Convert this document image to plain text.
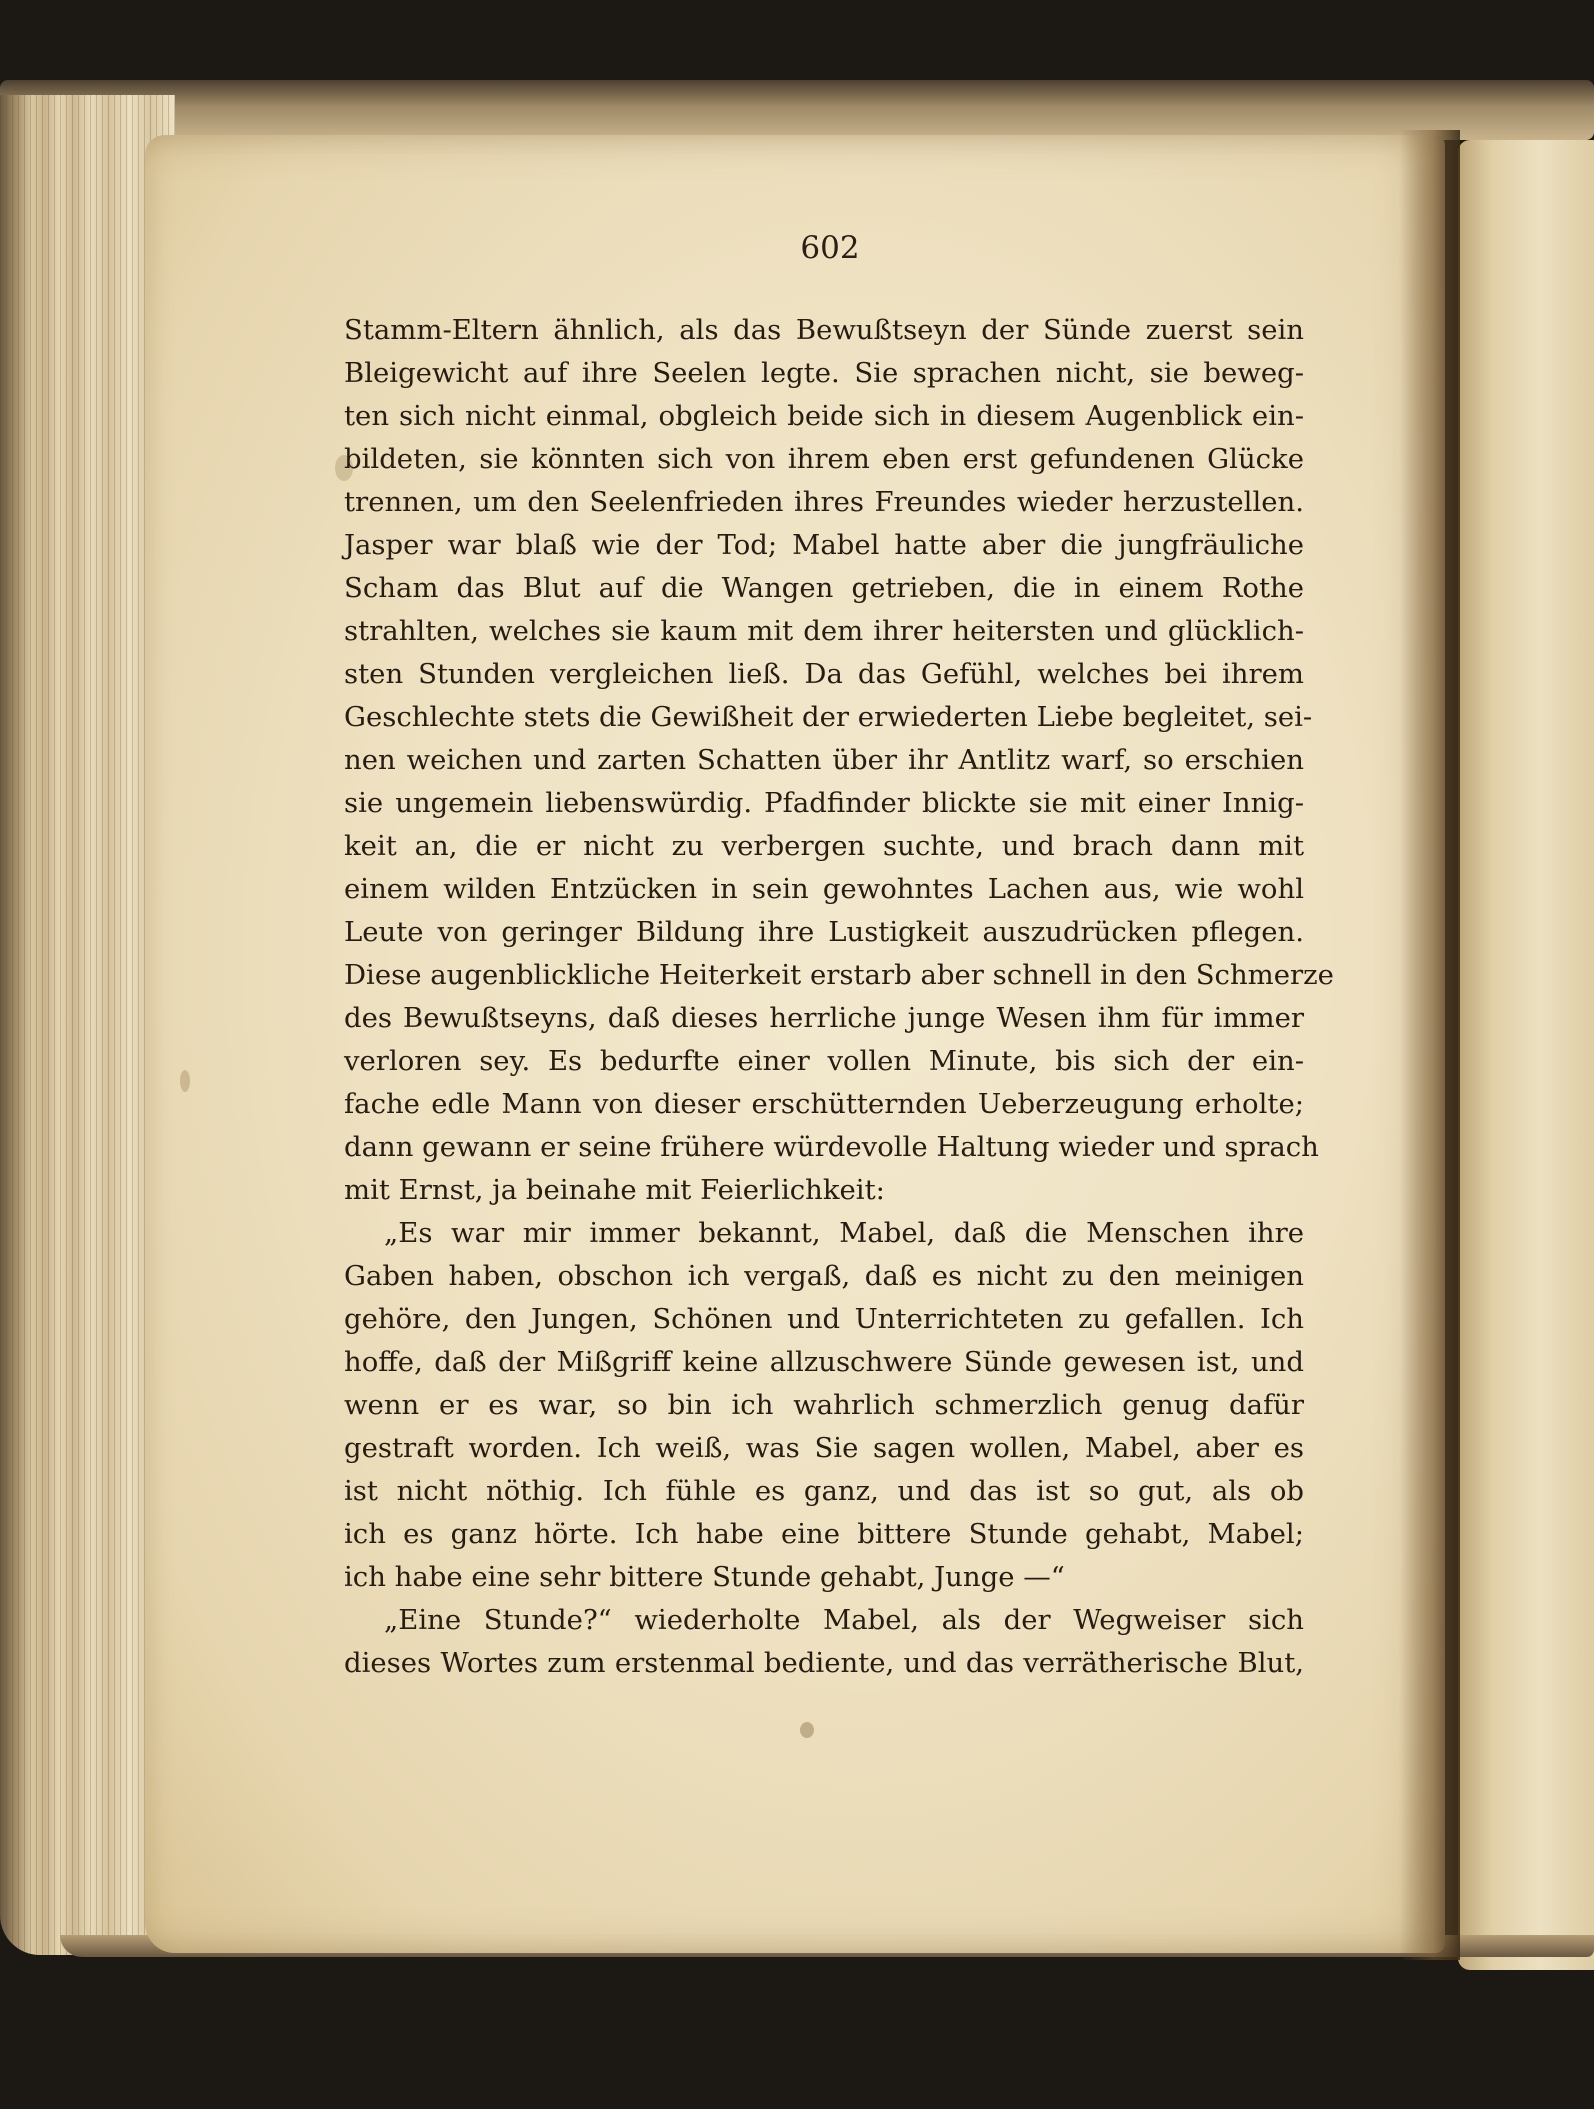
602
Stamm-Eltern ähnlich, als das Bewußtseyn der Sünde zuerst sein
Bleigewicht auf ihre Seelen legte. Sie sprachen nicht, sie beweg-
ten sich nicht einmal, obgleich beide sich in diesem Augenblick ein-
bildeten, sie könnten sich von ihrem eben erst gefundenen Glücke
trennen, um den Seelenfrieden ihres Freundes wieder herzustellen.
Jasper war blaß wie der Tod; Mabel hatte aber die jungfräuliche
Scham das Blut auf die Wangen getrieben, die in einem Rothe
strahlten, welches sie kaum mit dem ihrer heitersten und glücklich-
sten Stunden vergleichen ließ. Da das Gefühl, welches bei ihrem
Geschlechte stets die Gewißheit der erwiederten Liebe begleitet, sei-
nen weichen und zarten Schatten über ihr Antlitz warf, so erschien
sie ungemein liebenswürdig. Pfadfinder blickte sie mit einer Innig-
keit an, die er nicht zu verbergen suchte, und brach dann mit
einem wilden Entzücken in sein gewohntes Lachen aus, wie wohl
Leute von geringer Bildung ihre Lustigkeit auszudrücken pflegen.
Diese augenblickliche Heiterkeit erstarb aber schnell in den Schmerze
des Bewußtseyns, daß dieses herrliche junge Wesen ihm für immer
verloren sey. Es bedurfte einer vollen Minute, bis sich der ein-
fache edle Mann von dieser erschütternden Ueberzeugung erholte;
dann gewann er seine frühere würdevolle Haltung wieder und sprach
mit Ernst, ja beinahe mit Feierlichkeit:
„Es war mir immer bekannt, Mabel, daß die Menschen ihre
Gaben haben, obschon ich vergaß, daß es nicht zu den meinigen
gehöre, den Jungen, Schönen und Unterrichteten zu gefallen. Ich
hoffe, daß der Mißgriff keine allzuschwere Sünde gewesen ist, und
wenn er es war, so bin ich wahrlich schmerzlich genug dafür
gestraft worden. Ich weiß, was Sie sagen wollen, Mabel, aber es
ist nicht nöthig. Ich fühle es ganz, und das ist so gut, als ob
ich es ganz hörte. Ich habe eine bittere Stunde gehabt, Mabel;
ich habe eine sehr bittere Stunde gehabt, Junge —“
„Eine Stunde?“ wiederholte Mabel, als der Wegweiser sich
dieses Wortes zum erstenmal bediente, und das verrätherische Blut,
